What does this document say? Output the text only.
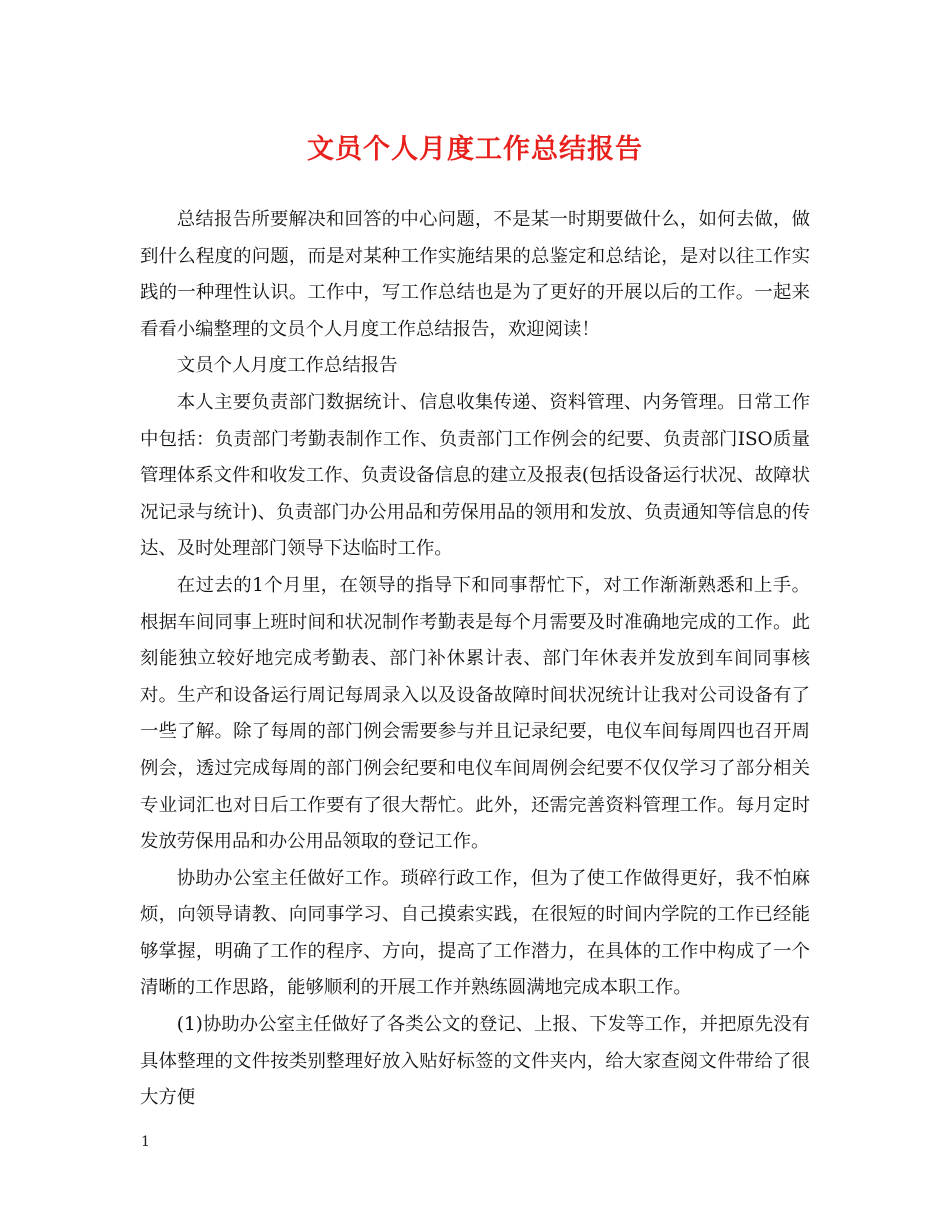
文员个人月度工作总结报告

总结报告所要解决和回答的中心问题，不是某一时期要做什么，如何去做，做到什么程度的问题，而是对某种工作实施结果的总鉴定和总结论，是对以往工作实践的一种理性认识。工作中，写工作总结也是为了更好的开展以后的工作。一起来看看小编整理的文员个人月度工作总结报告，欢迎阅读！

文员个人月度工作总结报告

本人主要负责部门数据统计、信息收集传递、资料管理、内务管理。日常工作中包括：负责部门考勤表制作工作、负责部门工作例会的纪要、负责部门ISO质量管理体系文件和收发工作、负责设备信息的建立及报表(包括设备运行状况、故障状况记录与统计)、负责部门办公用品和劳保用品的领用和发放、负责通知等信息的传达、及时处理部门领导下达临时工作。

在过去的1个月里，在领导的指导下和同事帮忙下，对工作渐渐熟悉和上手。根据车间同事上班时间和状况制作考勤表是每个月需要及时准确地完成的工作。此刻能独立较好地完成考勤表、部门补休累计表、部门年休表并发放到车间同事核对。生产和设备运行周记每周录入以及设备故障时间状况统计让我对公司设备有了一些了解。除了每周的部门例会需要参与并且记录纪要，电仪车间每周四也召开周例会，透过完成每周的部门例会纪要和电仪车间周例会纪要不仅仅学习了部分相关专业词汇也对日后工作要有了很大帮忙。此外，还需完善资料管理工作。每月定时发放劳保用品和办公用品领取的登记工作。

协助办公室主任做好工作。琐碎行政工作，但为了使工作做得更好，我不怕麻烦，向领导请教、向同事学习、自己摸索实践，在很短的时间内学院的工作已经能够掌握，明确了工作的程序、方向，提高了工作潜力，在具体的工作中构成了一个清晰的工作思路，能够顺利的开展工作并熟练圆满地完成本职工作。

(1)协助办公室主任做好了各类公文的登记、上报、下发等工作，并把原先没有具体整理的文件按类别整理好放入贴好标签的文件夹内，给大家查阅文件带给了很大方便

1
